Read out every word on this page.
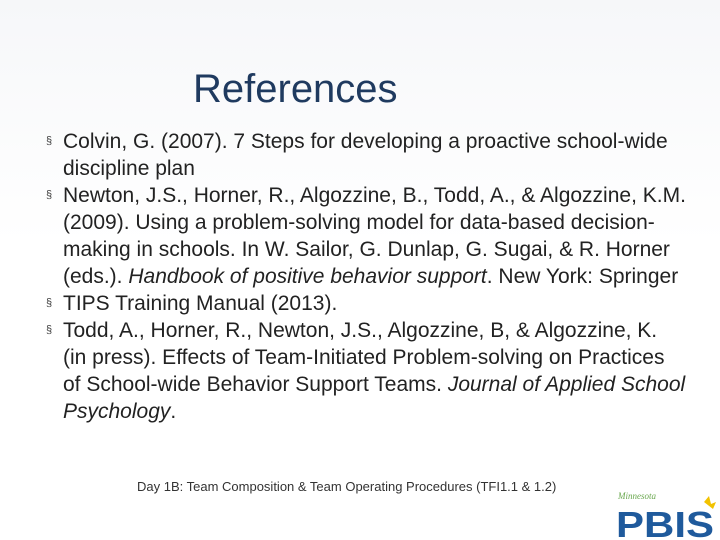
References
§ Colvin, G. (2007). 7 Steps for developing a proactive school-wide discipline plan
§ Newton, J.S., Horner, R., Algozzine, B., Todd, A., & Algozzine, K.M. (2009). Using a problem-solving model for data-based decision-making in schools. In W. Sailor, G. Dunlap, G. Sugai, & R. Horner (eds.). Handbook of positive behavior support. New York: Springer
§ TIPS Training Manual (2013).
§ Todd, A., Horner, R., Newton, J.S., Algozzine, B, & Algozzine, K. (in press). Effects of Team-Initiated Problem-solving on Practices of School-wide Behavior Support Teams. Journal of Applied School Psychology.
Day 1B: Team Composition & Team Operating Procedures (TFI1.1 & 1.2)
Minnesota
PBIS
